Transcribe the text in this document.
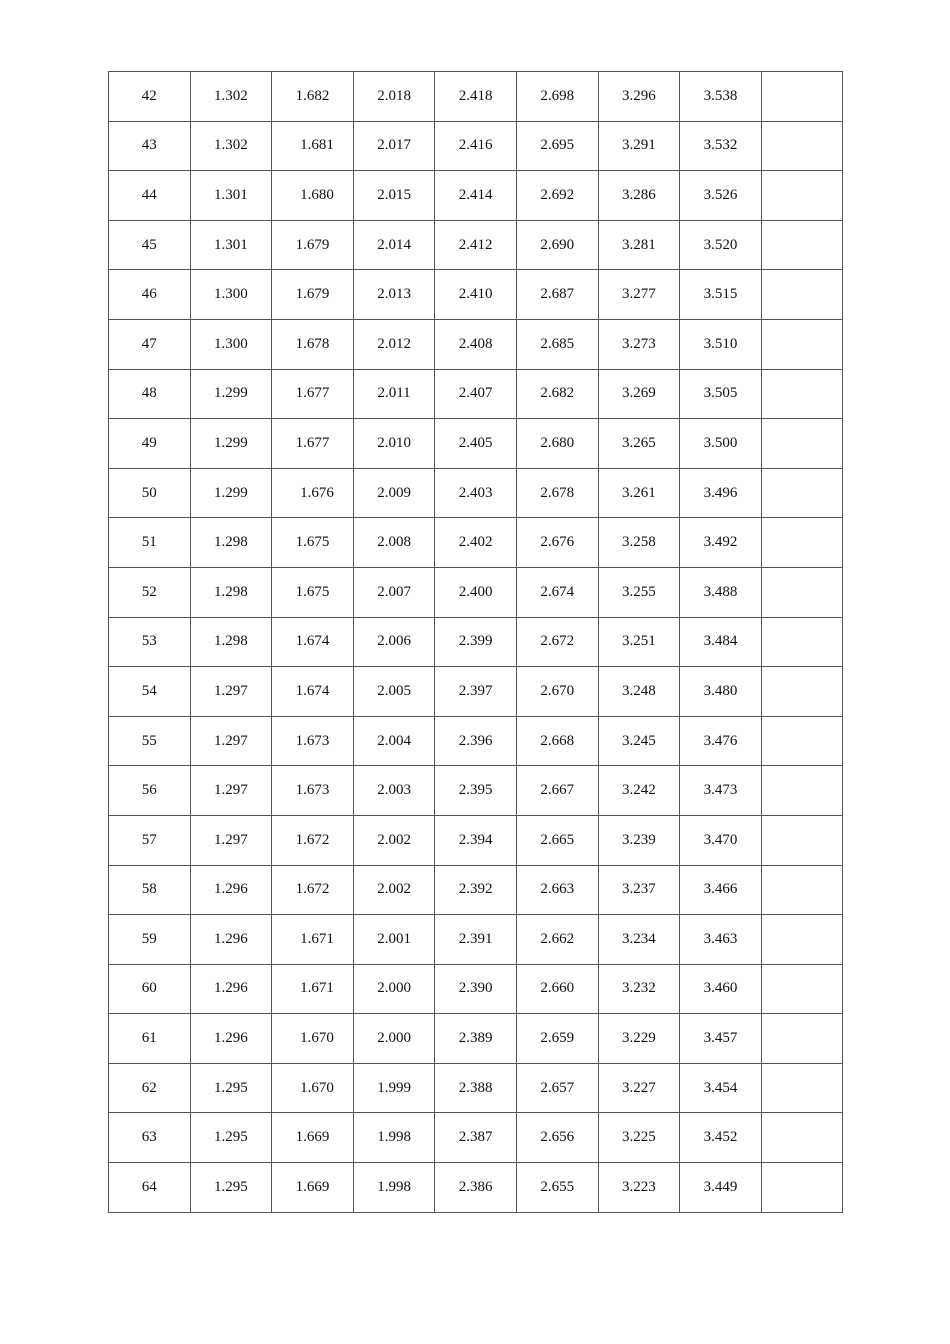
42	1.302	1.682	2.018	2.418	2.698	3.296	3.538	
43	1.302	1.681	2.017	2.416	2.695	3.291	3.532	
44	1.301	1.680	2.015	2.414	2.692	3.286	3.526	
45	1.301	1.679	2.014	2.412	2.690	3.281	3.520	
46	1.300	1.679	2.013	2.410	2.687	3.277	3.515	
47	1.300	1.678	2.012	2.408	2.685	3.273	3.510	
48	1.299	1.677	2.011	2.407	2.682	3.269	3.505	
49	1.299	1.677	2.010	2.405	2.680	3.265	3.500	
50	1.299	1.676	2.009	2.403	2.678	3.261	3.496	
51	1.298	1.675	2.008	2.402	2.676	3.258	3.492	
52	1.298	1.675	2.007	2.400	2.674	3.255	3.488	
53	1.298	1.674	2.006	2.399	2.672	3.251	3.484	
54	1.297	1.674	2.005	2.397	2.670	3.248	3.480	
55	1.297	1.673	2.004	2.396	2.668	3.245	3.476	
56	1.297	1.673	2.003	2.395	2.667	3.242	3.473	
57	1.297	1.672	2.002	2.394	2.665	3.239	3.470	
58	1.296	1.672	2.002	2.392	2.663	3.237	3.466	
59	1.296	1.671	2.001	2.391	2.662	3.234	3.463	
60	1.296	1.671	2.000	2.390	2.660	3.232	3.460	
61	1.296	1.670	2.000	2.389	2.659	3.229	3.457	
62	1.295	1.670	1.999	2.388	2.657	3.227	3.454	
63	1.295	1.669	1.998	2.387	2.656	3.225	3.452	
64	1.295	1.669	1.998	2.386	2.655	3.223	3.449	
